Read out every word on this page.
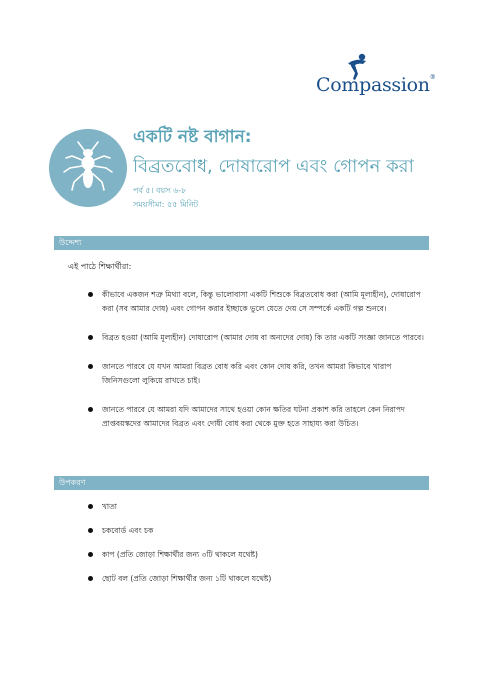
Compassion®
একটি নষ্ট বাগান:
বিব্রতবোধ, দোষারোপ এবং গোপন করা
পর্ব ৫। বয়স ৬-৮
সময়সীমা: ৫৫ মিনিট
উদ্দেশ্য
এই পাঠে শিক্ষার্থীরা:
কীভাবে একজন শত্রু মিথ্যা বলে, কিন্তু ভালোবাসা একটি শিশুকে বিব্রতবোধ করা (আমি মূল্যহীন), দোষারোপ করা (সব আমার দোষ) এবং গোপন করার ইচ্ছাকে ভুলে যেতে দেয় সে সম্পর্কে একটি গল্প শুনবে।
বিব্রত হওয়া (আমি মূল্যহীন) দোষারোপ (আমার দোষ বা অন্যদের দোষ) কি তার একটি সংজ্ঞা জানতে পারবে।
জানতে পারবে যে যখন আমরা বিব্রত বোধ করি এবং কোন দোষ করি, তখন আমরা কিভাবে খারাপ জিনিসগুলো লুকিয়ে রাখতে চাই।
জানতে পারবে যে আমরা যদি আমাদের সাথে হওয়া কোন ক্ষতির ঘটনা প্রকাশ করি তাহলে কেন নিরাপদ প্রাপ্তবয়স্কদের আমাদের বিব্রত এবং দোষী বোধ করা থেকে মুক্ত হতে সাহায্য করা উচিত।
উপকরণ
খাতা
চকবোর্ড এবং চক
কাপ (প্রতি জোড়া শিক্ষার্থীর জন্য ৩টি থাকলে যথেষ্ট)
ছোট বল (প্রতি জোড়া শিক্ষার্থীর জন্য ১টি থাকলে যথেষ্ট)
